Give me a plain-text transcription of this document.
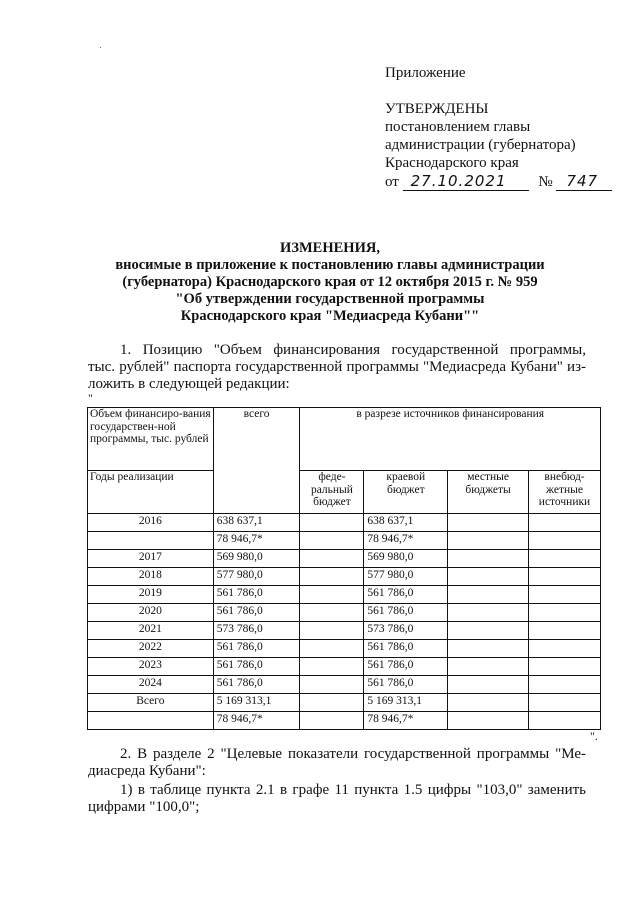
Приложение
УТВЕРЖДЕНЫ
постановлением главы
администрации (губернатора)
Краснодарского края
от 27.10.2021 № 747
ИЗМЕНЕНИЯ,
вносимые в приложение к постановлению главы администрации
(губернатора) Краснодарского края от 12 октября 2015 г. № 959
"Об утверждении государственной программы
Краснодарского края "Медиасреда Кубани""
1. Позицию "Объем финансирования государственной программы,
тыс. рублей" паспорта государственной программы "Медиасреда Кубани" из-
ложить в следующей редакции:
"
Объем финансиро-вания государствен-ной программы, тыс. рублей	всего	в разрезе источников финансирования			
Годы реализации		феде-ральный бюджет	краевой бюджет	местные бюджеты	внебюд-жетные источники
2016	638 637,1		638 637,1		
	78 946,7*		78 946,7*		
2017	569 980,0		569 980,0		
2018	577 980,0		577 980,0		
2019	561 786,0		561 786,0		
2020	561 786,0		561 786,0		
2021	573 786,0		573 786,0		
2022	561 786,0		561 786,0		
2023	561 786,0		561 786,0		
2024	561 786,0		561 786,0		
Всего	5 169 313,1		5 169 313,1		
	78 946,7*		78 946,7*		
".
2. В разделе 2 "Целевые показатели государственной программы "Ме-
диасреда Кубани":
1) в таблице пункта 2.1 в графе 11 пункта 1.5 цифры "103,0" заменить
цифрами "100,0";
